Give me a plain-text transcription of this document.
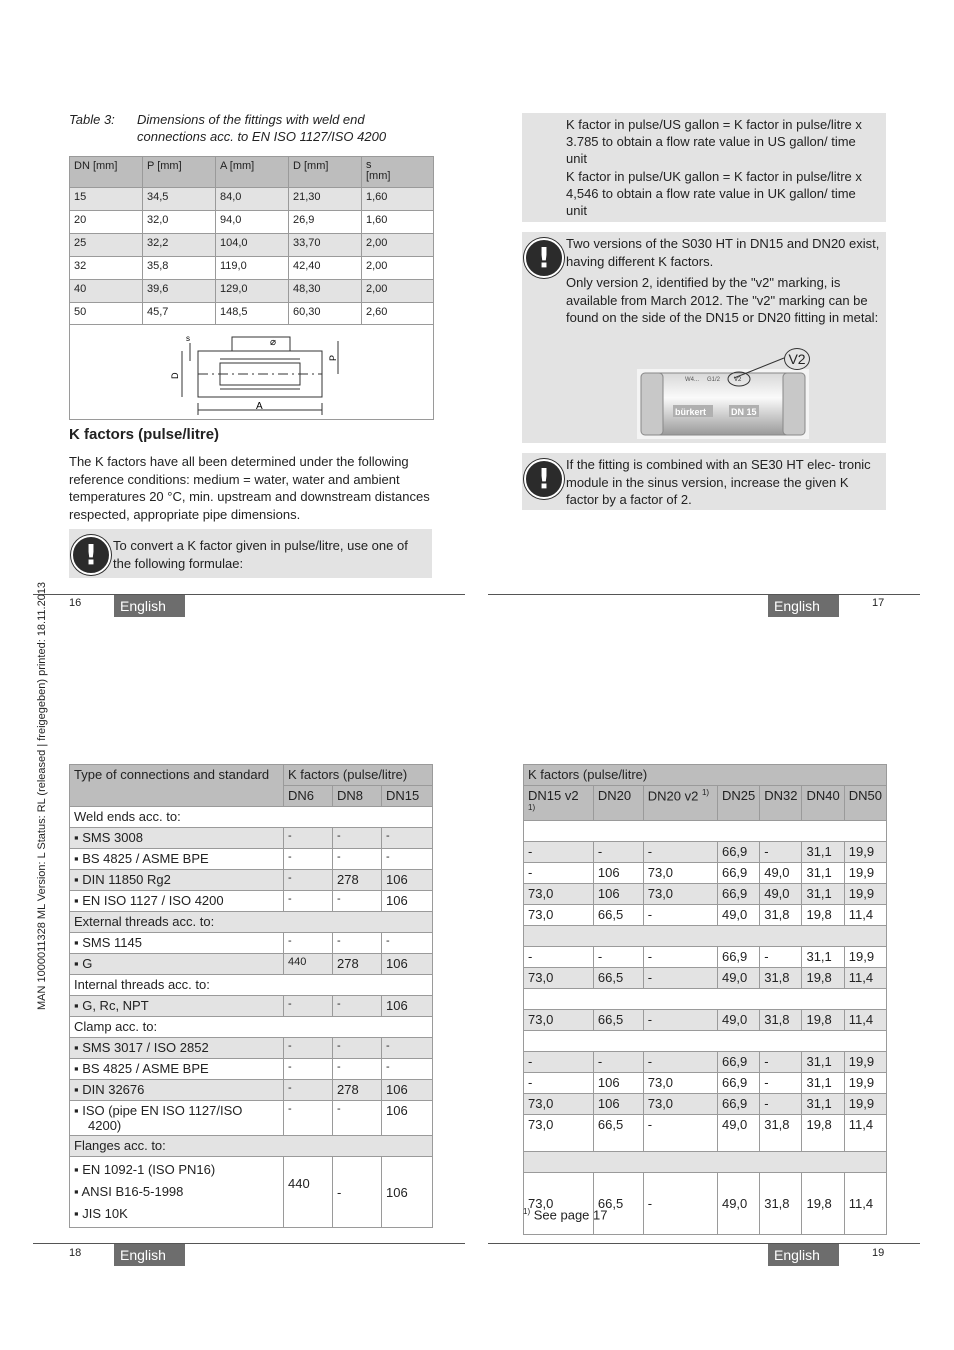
Table 3: Dimensions of the fittings with weld end
connections acc. to EN ISO 1127/ISO 4200
DN [mm]	P [mm]	A [mm]	D [mm]	s
[mm]
15	34,5	84,0	21,30	1,60
20	32,0	94,0	26,9	1,60
25	32,2	104,0	33,70	2,00
32	35,8	119,0	42,40	2,00
40	39,6	129,0	48,30	2,00
50	45,7	148,5	60,30	2,60
s	⌀
P
D
A
K factors (pulse/litre)

The K factors have all been determined under the following reference conditions: medium = water, water and ambient temperatures 20 °C, min. upstream and downstream distances respected, appropriate pipe dimensions.

!	To convert a K factor given in pulse/litre, use one of the following formulae:

16	English

K factor in pulse/US gallon = K factor in pulse/litre x 3.785 to obtain a flow rate value in US gallon/ time unit

K factor in pulse/UK gallon = K factor in pulse/litre x 4,546 to obtain a flow rate value in UK gallon/ time unit

!	Two versions of the S030 HT in DN15 and DN20 exist, having different K factors.

Only version 2, identified by the "v2" marking, is available from March 2012. The "v2" marking can be found on the side of the DN15 or DN20 fitting in metal:

W4... G1/2 V2
bürkert	DN 15
V2
!	If the fitting is combined with an SE30 HT elec- tronic module in the sinus version, increase the given K factor by a factor of 2.

English	17
MAN 1000011328 ML Version: L Status: RL (released | freigegeben) printed: 18.11.2013 Type of connections and standard	K factors (pulse/litre)		
	DN6	DN8	DN15
Weld ends acc. to:			
▪ SMS 3008	-	-	-
▪ BS 4825 / ASME BPE	-	-	-
▪ DIN 11850 Rg2	-	278	106
▪ EN ISO 1127 / ISO 4200	-	-	106
External threads acc. to:			
▪ SMS 1145	-	-	-
▪ G	440	278	106
Internal threads acc. to:			
▪ G, Rc, NPT	-	-	106
Clamp acc. to:			
▪ SMS 3017 / ISO 2852	-	-	-
▪ BS 4825 / ASME BPE	-	-	-
▪ DIN 32676	-	278	106
▪ ISO (pipe EN ISO 1127/ISO 4200)	-	-	106
Flanges acc. to:			

▪ EN 1092-1 (ISO PN16)
▪ ANSI B16-5-1998
▪ JIS 10K	440	-	106
18	English
K factors (pulse/litre)						
DN15 v2 $^{1)}$	DN20	DN20 v2 $^{1)}$	DN25	DN32	DN40	DN50

-	-	-	66,9	-	31,1	19,9
-	106	73,0	66,9	49,0	31,1	19,9
73,0	106	73,0	66,9	49,0	31,1	19,9
73,0	66,5	-	49,0	31,8	19,8	11,4

-	-	-	66,9	-	31,1	19,9
73,0	66,5	-	49,0	31,8	19,8	11,4

73,0	66,5	-	49,0	31,8	19,8	11,4

-	-	-	66,9	-	31,1	19,9
-	106	73,0	66,9	-	31,1	19,9
73,0	106	73,0	66,9	-	31,1	19,9
73,0	66,5	-	49,0	31,8	19,8	11,4

73,0	66,5	-	49,0	31,8	19,8	11,4
$^{1)}$ See page 17
English	19
